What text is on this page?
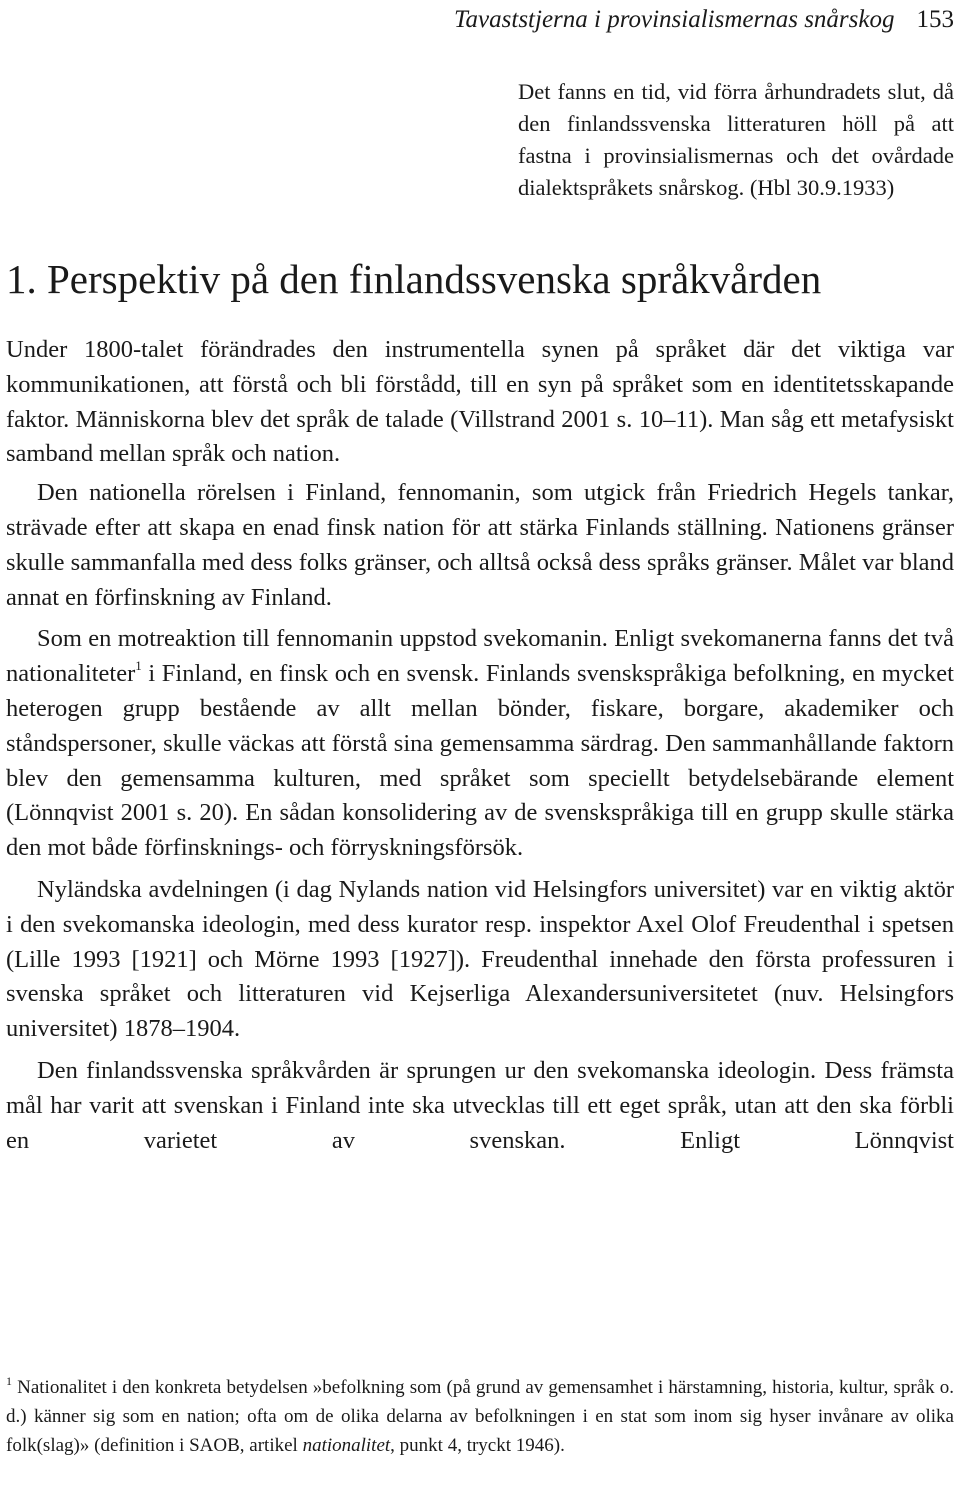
Tavaststjerna i provinsialismernas snårskog 153

Det fanns en tid, vid förra århundradets slut, då den finlandssvenska litteraturen höll på att fastna i provinsialismernas och det ovårdade dialektspråkets snårskog. (Hbl 30.9.1933)

1. Perspektiv på den finlandssvenska språkvården

Under 1800-talet förändrades den instrumentella synen på språket där det viktiga var kommunikationen, att förstå och bli förstådd, till en syn på språket som en identitetsskapande faktor. Människorna blev det språk de talade (Villstrand 2001 s. 10–11). Man såg ett metafysiskt samband mellan språk och nation.

Den nationella rörelsen i Finland, fennomanin, som utgick från Friedrich Hegels tankar, strävade efter att skapa en enad finsk nation för att stärka Finlands ställning. Nationens gränser skulle sammanfalla med dess folks gränser, och alltså också dess språks gränser. Målet var bland annat en förfinskning av Finland.

Som en motreaktion till fennomanin uppstod svekomanin. Enligt svekomanerna fanns det två nationaliteter$^1$ i Finland, en finsk och en svensk. Finlands svenskspråkiga befolkning, en mycket heterogen grupp bestående av allt mellan bönder, fiskare, borgare, akademiker och ståndspersoner, skulle väckas att förstå sina gemensamma särdrag. Den sammanhållande faktorn blev den gemensamma kulturen, med språket som speciellt betydelsebärande element (Lönnqvist 2001 s. 20). En sådan konsolidering av de svenskspråkiga till en grupp skulle stärka den mot både förfinsknings- och förryskningsförsök.

Nyländska avdelningen (i dag Nylands nation vid Helsingfors universitet) var en viktig aktör i den svekomanska ideologin, med dess kurator resp. inspektor Axel Olof Freudenthal i spetsen (Lille 1993 [1921] och Mörne 1993 [1927]). Freudenthal innehade den första professuren i svenska språket och litteraturen vid Kejserliga Alexandersuniversitetet (nuv. Helsingfors universitet) 1878–1904.

Den finlandssvenska språkvården är sprungen ur den svekomanska ideologin. Dess främsta mål har varit att svenskan i Finland inte ska utvecklas till ett eget språk, utan att den ska förbli en varietet av svenskan. Enligt Lönnqvist

$^1$ Nationalitet i den konkreta betydelsen »befolkning som (på grund av gemensamhet i härstamning, historia, kultur, språk o. d.) känner sig som en nation; ofta om de olika delarna av befolkningen i en stat som inom sig hyser invånare av olika folk(slag)» (definition i SAOB, artikel nationalitet, punkt 4, tryckt 1946).
